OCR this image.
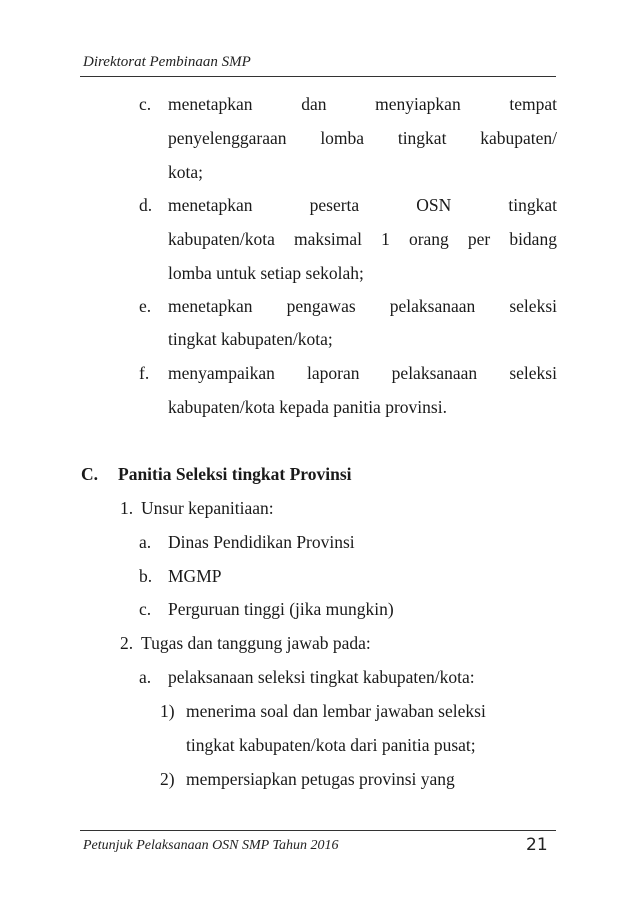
Direktorat Pembinaan SMP
c. menetapkan	dan	menyiapkan	tempat
penyelenggaraan lomba tingkat kabupaten/
kota;
d. menetapkan	peserta	OSN	tingkat
kabupaten/kota maksimal 1 orang per bidang
lomba untuk setiap sekolah;
e. menetapkan pengawas pelaksanaan seleksi
tingkat kabupaten/kota;
f. menyampaikan laporan pelaksanaan seleksi
kabupaten/kota kepada panitia provinsi.
C. Panitia Seleksi tingkat Provinsi
1. Unsur kepanitiaan:
a. Dinas Pendidikan Provinsi
b. MGMP
c. Perguruan tinggi (jika mungkin)
2. Tugas dan tanggung jawab pada:
a. pelaksanaan seleksi tingkat kabupaten/kota:
1) menerima soal dan lembar jawaban seleksi
tingkat kabupaten/kota dari panitia pusat;
2) mempersiapkan petugas provinsi yang
Petunjuk Pelaksanaan OSN SMP Tahun 2016	21
